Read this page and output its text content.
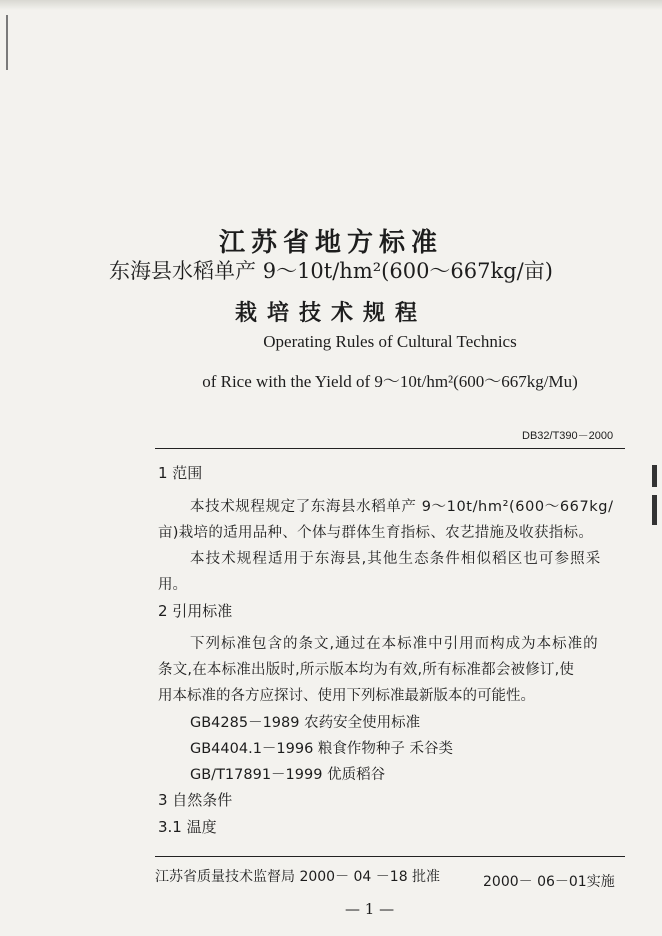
江苏省地方标准
东海县水稻单产 9～10t/hm²(600～667kg/亩)
栽培技术规程
Operating Rules of Cultural Technics
of Rice with the Yield of 9～10t/hm²(600～667kg/Mu)
DB32/T390－2000
1 范围
本技术规程规定了东海县水稻单产 9～10t/hm²(600～667kg/
亩)栽培的适用品种、个体与群体生育指标、农艺措施及收获指标。
本技术规程适用于东海县,其他生态条件相似稻区也可参照采
用。
2 引用标准
下列标准包含的条文,通过在本标准中引用而构成为本标准的
条文,在本标准出版时,所示版本均为有效,所有标准都会被修订,使
用本标准的各方应探讨、使用下列标准最新版本的可能性。
GB4285－1989 农药安全使用标准
GB4404.1－1996 粮食作物种子 禾谷类
GB/T17891－1999 优质稻谷
3 自然条件
3.1 温度
江苏省质量技术监督局 2000－ 04 －18 批准	2000－ 06－01实施
— 1 —
